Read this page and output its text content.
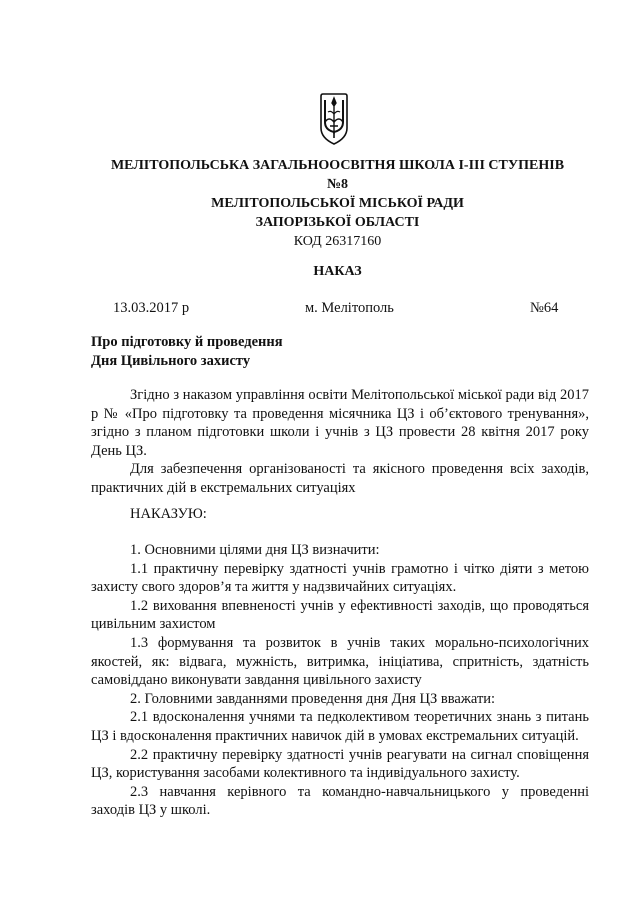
МЕЛІТОПОЛЬСЬКА ЗАГАЛЬНООСВІТНЯ ШКОЛА І-ІІІ СТУПЕНІВ
№8
МЕЛІТОПОЛЬСЬКОЇ МІСЬКОЇ РАДИ
ЗАПОРІЗЬКОЇ ОБЛАСТІ
КОД 26317160
НАКАЗ
13.03.2017 р	м. Мелітополь	№64
Про підготовку й проведення
Дня Цивільного захисту

Згідно з наказом управління освіти Мелітопольської міської ради від 2017 р № «Про підготовку та проведення місячника ЦЗ і об’єктового тренування», згідно з планом підготовки школи і учнів з ЦЗ провести 28 квітня 2017 року День ЦЗ.

Для забезпечення організованості та якісного проведення всіх заходів, практичних дій в екстремальних ситуаціях

НАКАЗУЮ:

1. Основними цілями дня ЦЗ визначити:

1.1 практичну перевірку здатності учнів грамотно і чітко діяти з метою захисту свого здоров’я та життя у надзвичайних ситуаціях.

1.2 виховання впевненості учнів у ефективності заходів, що проводяться цивільним захистом

1.3 формування та розвиток в учнів таких морально-психологічних якостей, як: відвага, мужність, витримка, ініціатива, спритність, здатність самовіддано виконувати завдання цивільного захисту

2. Головними завданнями проведення дня Дня ЦЗ вважати:

2.1 вдосконалення учнями та педколективом теоретичних знань з питань ЦЗ і вдосконалення практичних навичок дій в умовах екстремальних ситуацій.

2.2 практичну перевірку здатності учнів реагувати на сигнал сповіщення ЦЗ, користування засобами колективного та індивідуального захисту.

2.3 навчання керівного та командно-навчальницького у проведенні заходів ЦЗ у школі.
